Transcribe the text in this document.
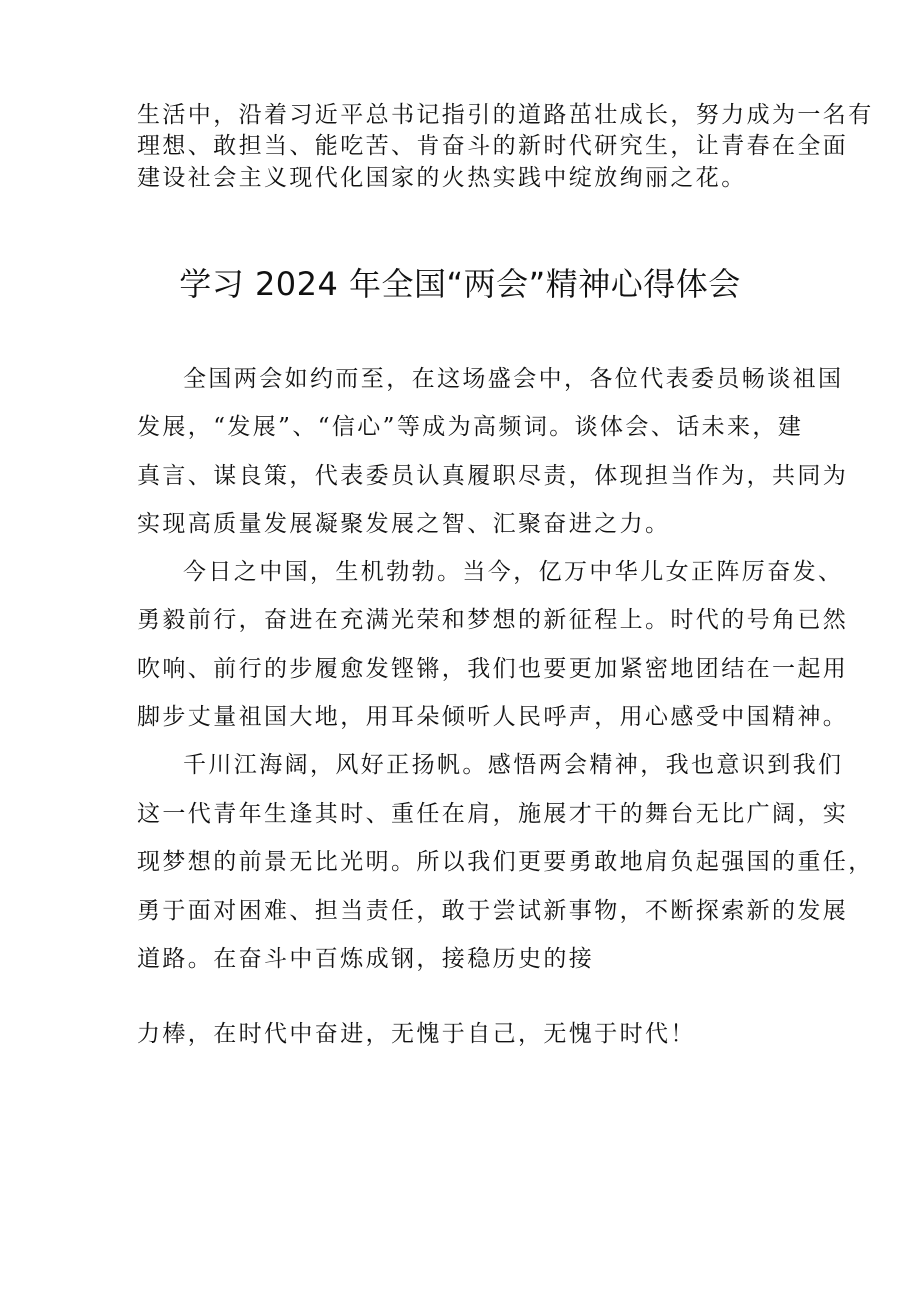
生活中，沿着习近平总书记指引的道路茁壮成长，努力成为一名有
理想、敢担当、能吃苦、肯奋斗的新时代研究生，让青春在全面
建设社会主义现代化国家的火热实践中绽放绚丽之花。
学习 2024 年全国“两会”精神心得体会
全国两会如约而至，在这场盛会中，各位代表委员畅谈祖国
发展，“发展”、“信心”等成为高频词。谈体会、话未来，建
真言、谋良策，代表委员认真履职尽责，体现担当作为，共同为
实现高质量发展凝聚发展之智、汇聚奋进之力。
今日之中国，生机勃勃。当今，亿万中华儿女正阵厉奋发、
勇毅前行，奋进在充满光荣和梦想的新征程上。时代的号角已然
吹响、前行的步履愈发铿锵，我们也要更加紧密地团结在一起用
脚步丈量祖国大地，用耳朵倾听人民呼声，用心感受中国精神。
千川江海阔，风好正扬帆。感悟两会精神，我也意识到我们
这一代青年生逢其时、重任在肩，施展才干的舞台无比广阔，实
现梦想的前景无比光明。所以我们更要勇敢地肩负起强国的重任，
勇于面对困难、担当责任，敢于尝试新事物，不断探索新的发展
道路。在奋斗中百炼成钢，接稳历史的接
力棒，在时代中奋进，无愧于自己，无愧于时代！
